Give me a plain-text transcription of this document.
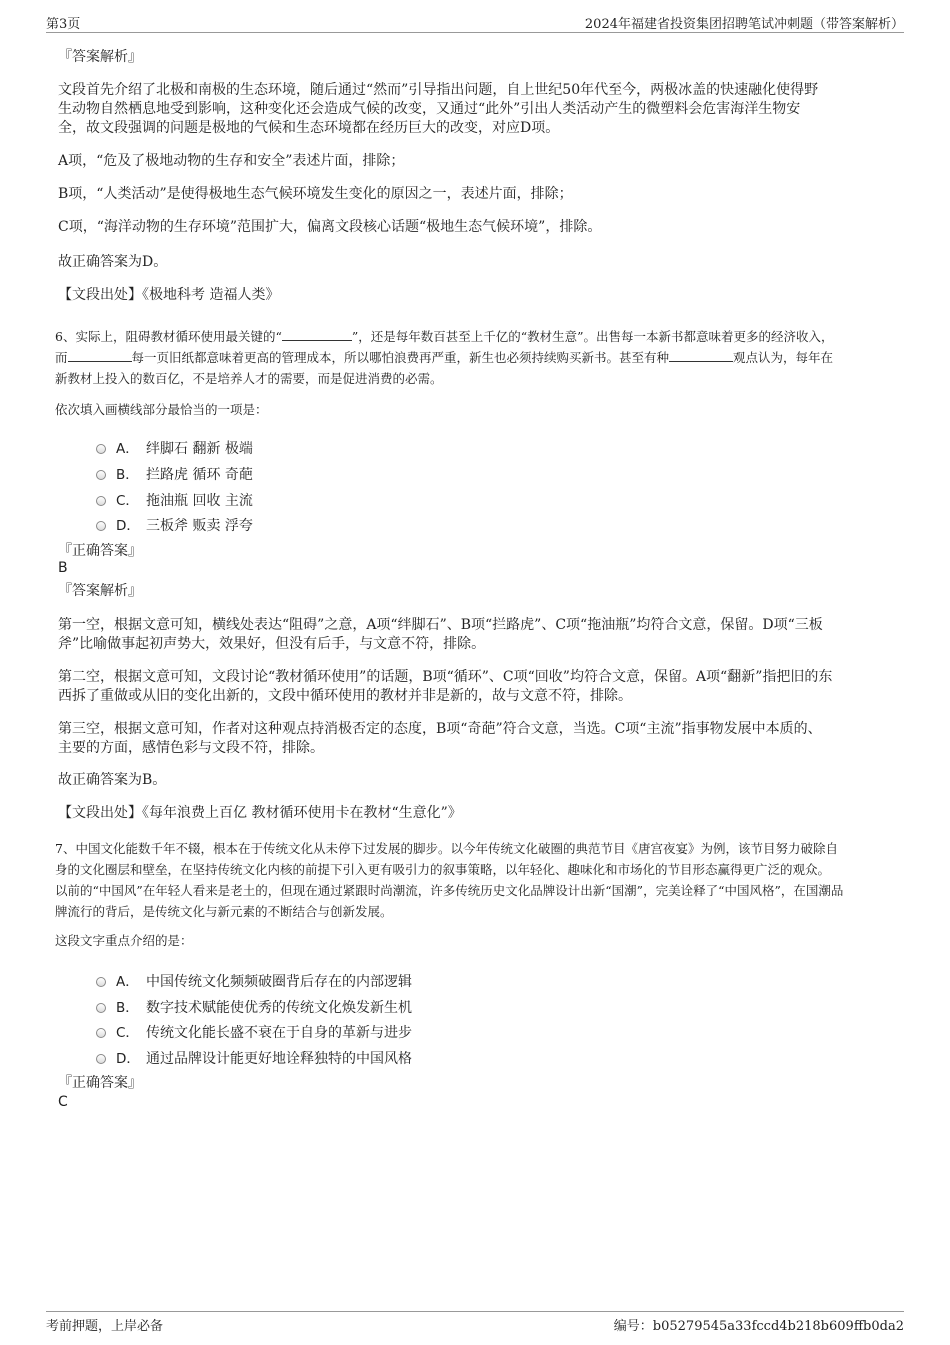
第3页	2024年福建省投资集团招聘笔试冲刺题（带答案解析）
『答案解析』
文段首先介绍了北极和南极的生态环境，随后通过“然而”引导指出问题，自上世纪50年代至今，两极冰盖的快速融化使得野
生动物自然栖息地受到影响，这种变化还会造成气候的改变，又通过“此外”引出人类活动产生的微塑料会危害海洋生物安
全，故文段强调的问题是极地的气候和生态环境都在经历巨大的改变，对应D项。
A项，“危及了极地动物的生存和安全”表述片面，排除；
B项，“人类活动”是使得极地生态气候环境发生变化的原因之一，表述片面，排除；
C项，“海洋动物的生存环境”范围扩大，偏离文段核心话题“极地生态气候环境”，排除。
故正确答案为D。
【文段出处】《极地科考 造福人类》
6、实际上，阻碍教材循环使用最关键的“	”，还是每年数百甚至上千亿的“教材生意”。出售每一本新书都意味着更多的经济收入，
而	每一页旧纸都意味着更高的管理成本，所以哪怕浪费再严重，新生也必须持续购买新书。甚至有种	观点认为，每年在
新教材上投入的数百亿，不是培养人才的需要，而是促进消费的必需。
依次填入画横线部分最恰当的一项是：
A． 绊脚石 翻新 极端
B． 拦路虎 循环 奇葩
C． 拖油瓶 回收 主流
D． 三板斧 贩卖 浮夸
『正确答案』
B
『答案解析』
第一空，根据文意可知，横线处表达“阻碍”之意，A项“绊脚石”、B项“拦路虎”、C项“拖油瓶”均符合文意，保留。D项“三板
斧”比喻做事起初声势大，效果好，但没有后手，与文意不符，排除。
第二空，根据文意可知，文段讨论“教材循环使用”的话题，B项“循环”、C项“回收”均符合文意，保留。A项“翻新”指把旧的东
西拆了重做或从旧的变化出新的，文段中循环使用的教材并非是新的，故与文意不符，排除。
第三空，根据文意可知，作者对这种观点持消极否定的态度，B项“奇葩”符合文意，当选。C项“主流”指事物发展中本质的、
主要的方面，感情色彩与文段不符，排除。
故正确答案为B。
【文段出处】《每年浪费上百亿 教材循环使用卡在教材“生意化”》
7、中国文化能数千年不辍，根本在于传统文化从未停下过发展的脚步。以今年传统文化破圈的典范节目《唐宫夜宴》为例，该节目努力破除自
身的文化圈层和壁垒，在坚持传统文化内核的前提下引入更有吸引力的叙事策略，以年轻化、趣味化和市场化的节目形态赢得更广泛的观众。
以前的“中国风”在年轻人看来是老土的，但现在通过紧跟时尚潮流，许多传统历史文化品牌设计出新“国潮”，完美诠释了“中国风格”，在国潮品
牌流行的背后，是传统文化与新元素的不断结合与创新发展。
这段文字重点介绍的是：
A． 中国传统文化频频破圈背后存在的内部逻辑
B． 数字技术赋能使优秀的传统文化焕发新生机
C． 传统文化能长盛不衰在于自身的革新与进步
D． 通过品牌设计能更好地诠释独特的中国风格
『正确答案』
C
考前押题，上岸必备	编号：b05279545a33fccd4b218b609ffb0da2
